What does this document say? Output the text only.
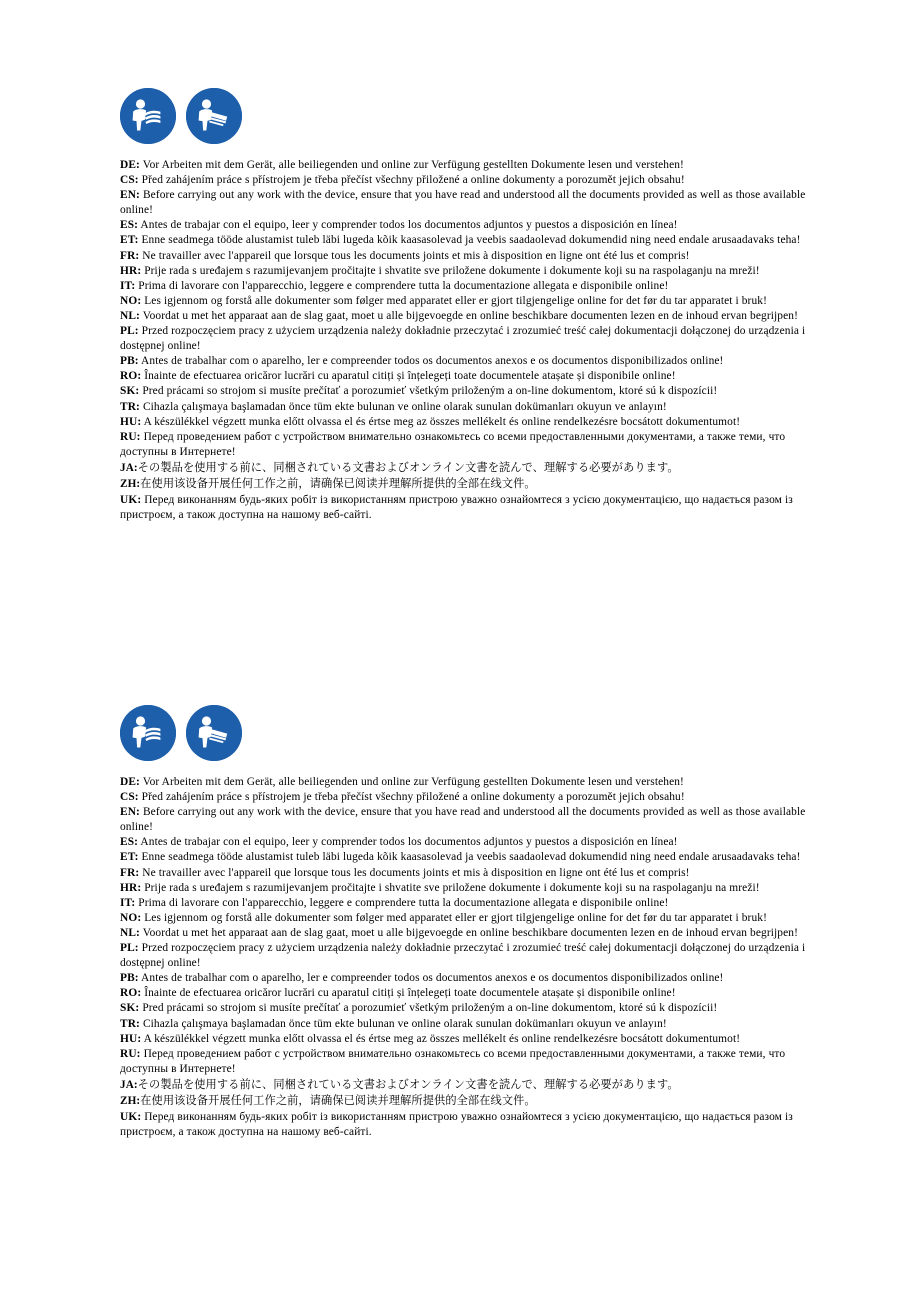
DE: Vor Arbeiten mit dem Gerät, alle beiliegenden und online zur Verfügung gestellten Dokumente lesen und verstehen!

CS: Před zahájením práce s přístrojem je třeba přečíst všechny přiložené a online dokumenty a porozumět jejich obsahu!

EN: Before carrying out any work with the device, ensure that you have read and understood all the documents provided as well as those available online!

ES: Antes de trabajar con el equipo, leer y comprender todos los documentos adjuntos y puestos a disposición en línea!

ET: Enne seadmega tööde alustamist tuleb läbi lugeda kõik kaasasolevad ja veebis saadaolevad dokumendid ning need endale arusaadavaks teha!

FR: Ne travailler avec l'appareil que lorsque tous les documents joints et mis à disposition en ligne ont été lus et compris!

HR: Prije rada s uređajem s razumijevanjem pročitajte i shvatite sve priložene dokumente i dokumente koji su na raspolaganju na mreži!

IT: Prima di lavorare con l'apparecchio, leggere e comprendere tutta la documentazione allegata e disponibile online!

NO: Les igjennom og forstå alle dokumenter som følger med apparatet eller er gjort tilgjengelige online for det før du tar apparatet i bruk!

NL: Voordat u met het apparaat aan de slag gaat, moet u alle bijgevoegde en online beschikbare documenten lezen en de inhoud ervan begrijpen!

PL: Przed rozpoczęciem pracy z użyciem urządzenia należy dokładnie przeczytać i zrozumieć treść całej dokumentacji dołączonej do urządzenia i dostępnej online!

PB: Antes de trabalhar com o aparelho, ler e compreender todos os documentos anexos e os documentos disponibilizados online!

RO: Înainte de efectuarea oricăror lucrări cu aparatul citiți și înțelegeți toate documentele atașate și disponibile online!

SK: Pred prácami so strojom si musíte prečítať a porozumieť všetkým priloženým a on-line dokumentom, ktoré sú k dispozícii!

TR: Cihazla çalışmaya başlamadan önce tüm ekte bulunan ve online olarak sunulan dokümanları okuyun ve anlayın!

HU: A készülékkel végzett munka előtt olvassa el és értse meg az összes mellékelt és online rendelkezésre bocsátott dokumentumot!

RU: Перед проведением работ с устройством внимательно ознакомьтесь со всеми предоставленными документами, а также теми, что доступны в Интернете!

JA:その製品を使用する前に、同梱されている文書およびオンライン文書を読んで、理解する必要があります。

ZH:在使用该设备开展任何工作之前，请确保已阅读并理解所提供的全部在线文件。

UK: Перед виконанням будь-яких робіт із використанням пристрою уважно ознайомтеся з усією документацією, що надається разом із пристроєм, а також доступна на нашому веб-сайті.

DE: Vor Arbeiten mit dem Gerät, alle beiliegenden und online zur Verfügung gestellten Dokumente lesen und verstehen!

CS: Před zahájením práce s přístrojem je třeba přečíst všechny přiložené a online dokumenty a porozumět jejich obsahu!

EN: Before carrying out any work with the device, ensure that you have read and understood all the documents provided as well as those available online!

ES: Antes de trabajar con el equipo, leer y comprender todos los documentos adjuntos y puestos a disposición en línea!

ET: Enne seadmega tööde alustamist tuleb läbi lugeda kõik kaasasolevad ja veebis saadaolevad dokumendid ning need endale arusaadavaks teha!

FR: Ne travailler avec l'appareil que lorsque tous les documents joints et mis à disposition en ligne ont été lus et compris!

HR: Prije rada s uređajem s razumijevanjem pročitajte i shvatite sve priložene dokumente i dokumente koji su na raspolaganju na mreži!

IT: Prima di lavorare con l'apparecchio, leggere e comprendere tutta la documentazione allegata e disponibile online!

NO: Les igjennom og forstå alle dokumenter som følger med apparatet eller er gjort tilgjengelige online for det før du tar apparatet i bruk!

NL: Voordat u met het apparaat aan de slag gaat, moet u alle bijgevoegde en online beschikbare documenten lezen en de inhoud ervan begrijpen!

PL: Przed rozpoczęciem pracy z użyciem urządzenia należy dokładnie przeczytać i zrozumieć treść całej dokumentacji dołączonej do urządzenia i dostępnej online!

PB: Antes de trabalhar com o aparelho, ler e compreender todos os documentos anexos e os documentos disponibilizados online!

RO: Înainte de efectuarea oricăror lucrări cu aparatul citiți și înțelegeți toate documentele atașate și disponibile online!

SK: Pred prácami so strojom si musíte prečítať a porozumieť všetkým priloženým a on-line dokumentom, ktoré sú k dispozícii!

TR: Cihazla çalışmaya başlamadan önce tüm ekte bulunan ve online olarak sunulan dokümanları okuyun ve anlayın!

HU: A készülékkel végzett munka előtt olvassa el és értse meg az összes mellékelt és online rendelkezésre bocsátott dokumentumot!

RU: Перед проведением работ с устройством внимательно ознакомьтесь со всеми предоставленными документами, а также теми, что доступны в Интернете!

JA:その製品を使用する前に、同梱されている文書およびオンライン文書を読んで、理解する必要があります。

ZH:在使用该设备开展任何工作之前，请确保已阅读并理解所提供的全部在线文件。

UK: Перед виконанням будь-яких робіт із використанням пристрою уважно ознайомтеся з усією документацією, що надається разом із пристроєм, а також доступна на нашому веб-сайті.
